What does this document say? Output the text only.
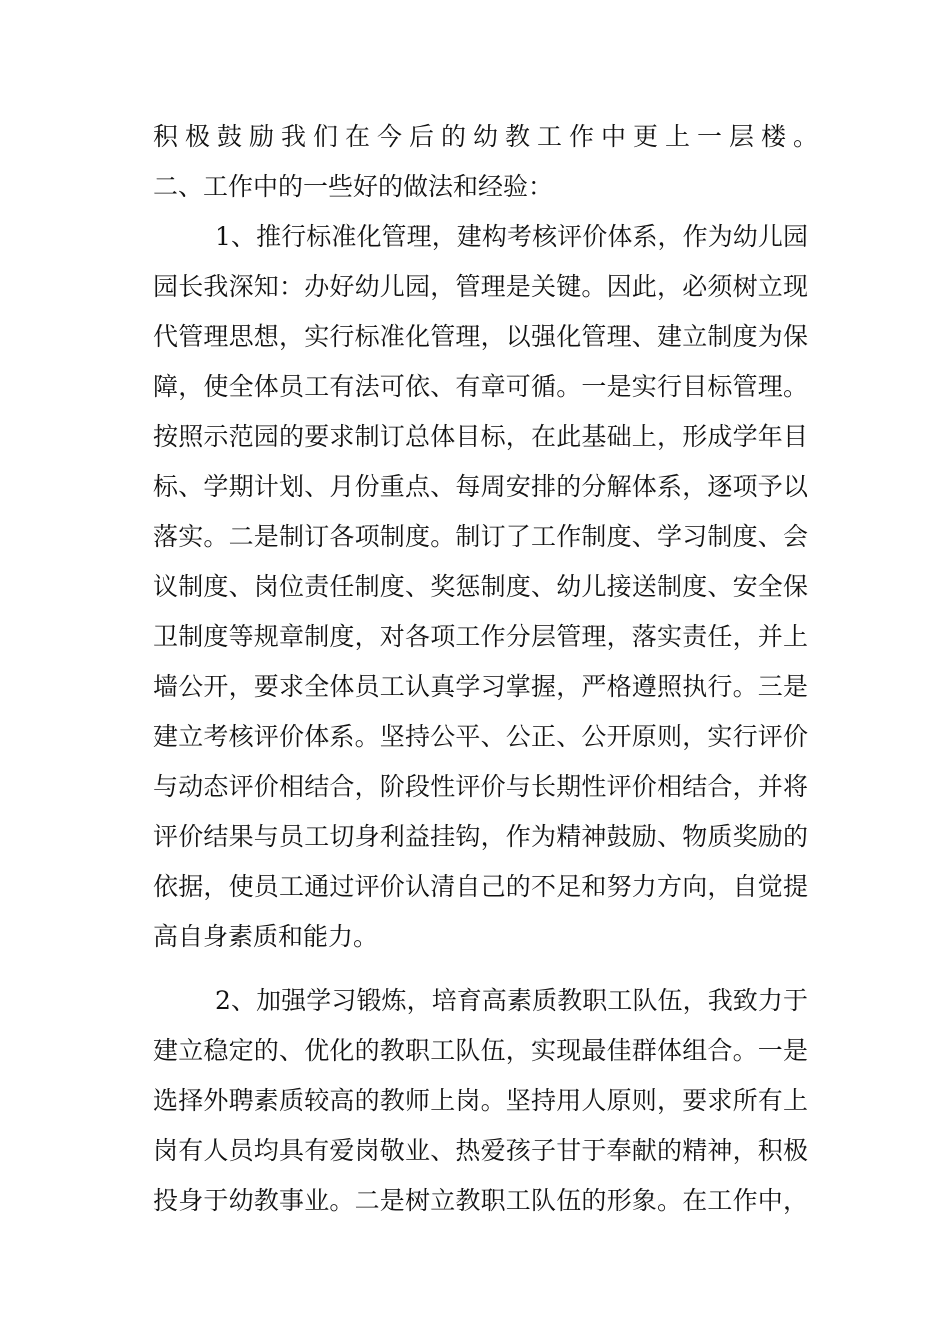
积极鼓励我们在今后的幼教工作中更上一层楼。
二、工作中的一些好的做法和经验：
1、推行标准化管理，建构考核评价体系，作为幼儿园
园长我深知：办好幼儿园，管理是关键。因此，必须树立现
代管理思想，实行标准化管理，以强化管理、建立制度为保
障，使全体员工有法可依、有章可循。一是实行目标管理。
按照示范园的要求制订总体目标，在此基础上，形成学年目
标、学期计划、月份重点、每周安排的分解体系，逐项予以
落实。二是制订各项制度。制订了工作制度、学习制度、会
议制度、岗位责任制度、奖惩制度、幼儿接送制度、安全保
卫制度等规章制度，对各项工作分层管理，落实责任，并上
墙公开，要求全体员工认真学习掌握，严格遵照执行。三是
建立考核评价体系。坚持公平、公正、公开原则，实行评价
与动态评价相结合，阶段性评价与长期性评价相结合，并将
评价结果与员工切身利益挂钩，作为精神鼓励、物质奖励的
依据，使员工通过评价认清自己的不足和努力方向，自觉提
高自身素质和能力。
2、加强学习锻炼，培育高素质教职工队伍，我致力于
建立稳定的、优化的教职工队伍，实现最佳群体组合。一是
选择外聘素质较高的教师上岗。坚持用人原则，要求所有上
岗有人员均具有爱岗敬业、热爱孩子甘于奉献的精神，积极
投身于幼教事业。二是树立教职工队伍的形象。在工作中，
